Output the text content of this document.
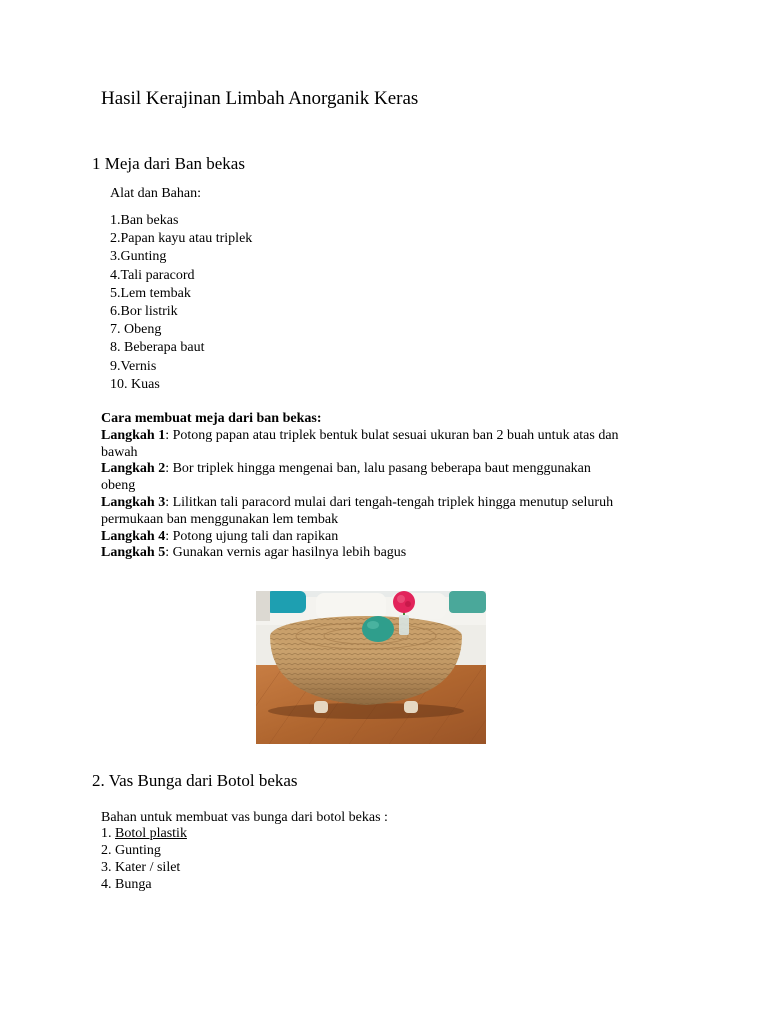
Hasil Kerajinan Limbah Anorganik Keras
1 Meja dari Ban bekas
Alat dan Bahan:
1.Ban bekas
2.Papan kayu atau triplek
3.Gunting
4.Tali paracord
5.Lem tembak
6.Bor listrik
7. Obeng
8. Beberapa baut
9.Vernis
10. Kuas
Cara membuat meja dari ban bekas:
Langkah 1: Potong papan atau triplek bentuk bulat sesuai ukuran ban 2 buah untuk atas dan
bawah
Langkah 2: Bor triplek hingga mengenai ban, lalu pasang beberapa baut menggunakan
obeng
Langkah 3: Lilitkan tali paracord mulai dari tengah-tengah triplek hingga menutup seluruh
permukaan ban menggunakan lem tembak
Langkah 4: Potong ujung tali dan rapikan
Langkah 5: Gunakan vernis agar hasilnya lebih bagus
2. Vas Bunga dari Botol bekas
Bahan untuk membuat vas bunga dari botol bekas :
1. Botol plastik
2. Gunting
3. Kater / silet
4. Bunga
